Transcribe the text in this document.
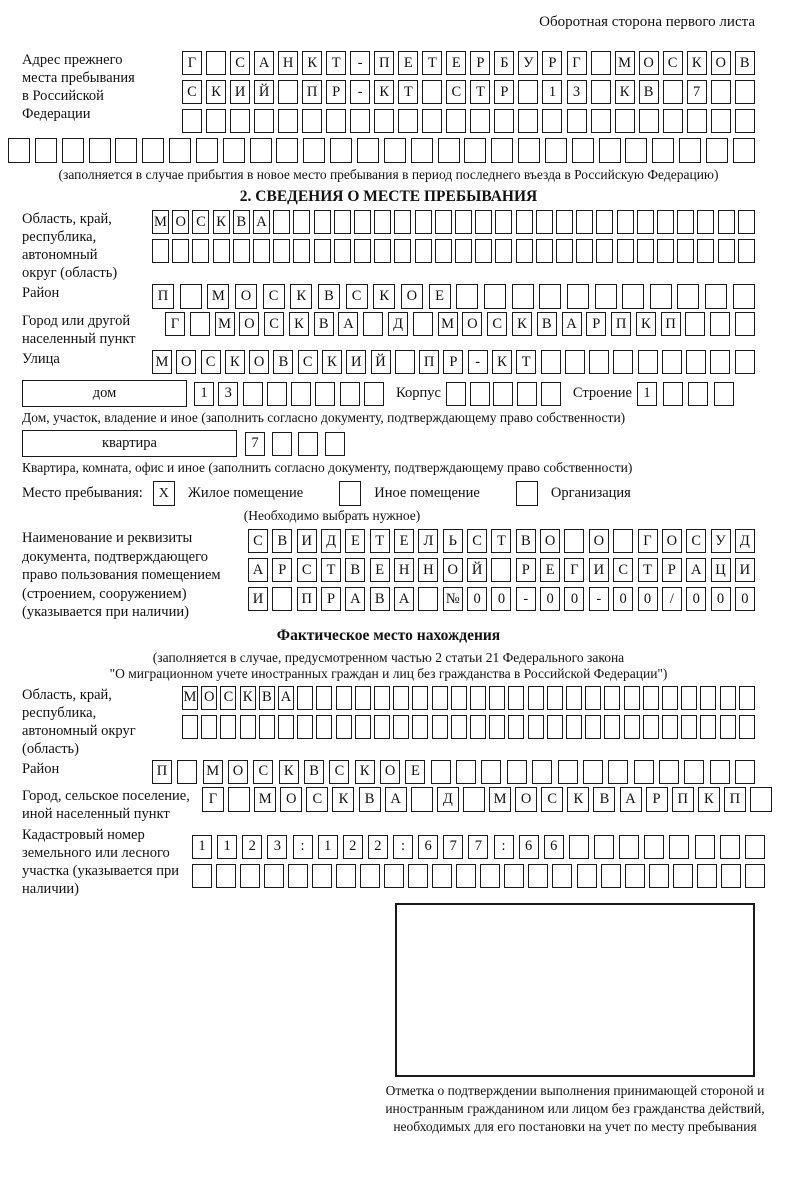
Оборотная сторона первого листа
Адрес прежнего места пребывания в Российской Федерации
Г	С А Н К	Т	-	П Е	Т	Е	Р	Б	У	Р	Г	М О С К О В
С К И Й	П	Р	-	К	Т	С	Т	Р	1	3	К В	7
(заполняется в случае прибытия в новое место пребывания в период последнего въезда в Российскую Федерацию)
2. СВЕДЕНИЯ О МЕСТЕ ПРЕБЫВАНИЯ
Область, край, республика, автономный округ (область)
М О С К В А
Район	П	М	О	С	К	В	С	К	О	Е
Город или другой населенный пункт
Г	М О	С	К	В	А	Д	М О	С	К	В	А	Р	П	К	П
Улица	М О С	К О В	С	К И Й	П	Р	-	К	Т
дом	1	3	Корпус	Строение 1
Дом, участок, владение и иное (заполнить согласно документу, подтверждающему право собственности)
квартира	7
Квартира, комната, офис и иное (заполнить согласно документу, подтверждающему право собственности)
Место пребывания:	X	Жилое помещение	Иное помещение	Организация
(Необходимо выбрать нужное)
Наименование и реквизиты документа, подтверждающего право пользования помещением (строением, сооружением) (указывается при наличии)
С	В И Д	Е	Т	Е	Л	Ь	С	Т	В О	О	Г	О С У Д
А	Р	С	Т	В	Е	Н Н О Й	Р	Е	Г	И С	Т	Р	А Ц И
И	П	Р	А В А	№ 0	0	-	0	0	-	0	0	/	0	0	0
Фактическое место нахождения
(заполняется в случае, предусмотренном частью 2 статьи 21 Федерального закона
"О миграционном учете иностранных граждан и лиц без гражданства в Российской Федерации")
Область, край, республика, автономный округ (область)
М О С К В А
Район	П	М О	С	К	В	С	К	О	Е
Город, сельское поселение, иной населенный пункт
Г	М О	С	К	В	А	Д	М О	С	К	В	А	Р	П	К	П
Кадастровый номер земельного или лесного участка (указывается при наличии)
1	1	2	3	:	1	2	2	:	6	7	7	:	6	6
Отметка о подтверждении выполнения принимающей стороной и иностранным гражданином или лицом без гражданства действий, необходимых для его постановки на учет по месту пребывания
